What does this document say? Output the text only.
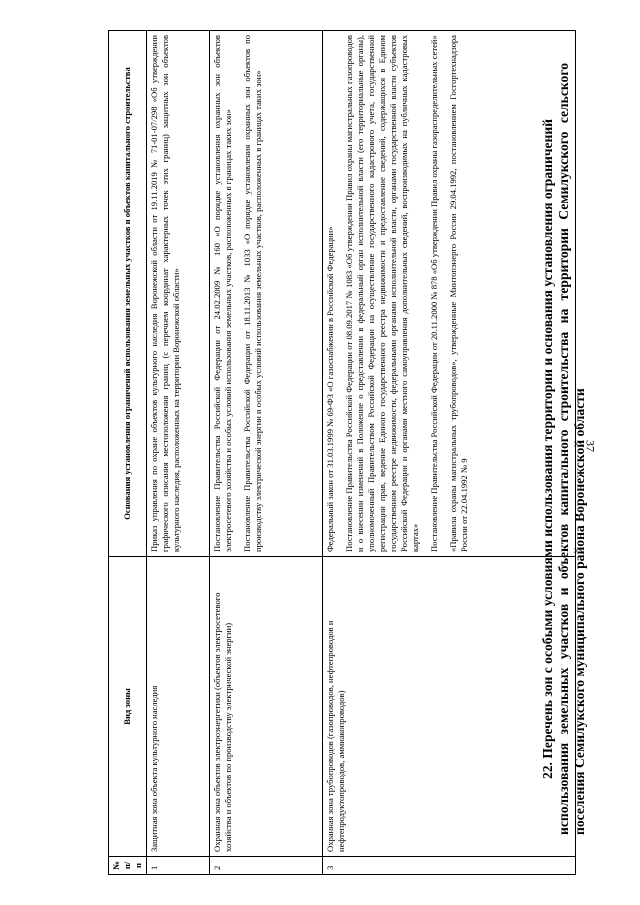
37
22. Перечень зон с особыми условиями использования территории и основания установления ограничений использования земельных участков и объектов капитального строительства на территории Семилукского сельского поселения Семилукского муниципального района Воронежской области
№ п/п	Вид зоны	Основания установления ограничений использования земельных участков и объектов капитального строительства
1	Защитная зона объекта культурного наследия	Приказ управления по охране объектов культурного наследия Воронежской области от 19.11.2019 № 71-01-07/298 «Об утверждении графического описания местоположения границ (с перечнем координат характерных точек этих границ) защитных зон объектов культурного наследия, расположенных на территории Воронежской области»

2	Охранная зона объектов электроэнергетики (объектов электросетевого хозяйства и объектов по производству электрической энергии)	Постановление Правительства Российской Федерации от 24.02.2009 № 160 «О порядке установления охранных зон объектов электросетевого хозяйства и особых условий использования земельных участков, расположенных в границах таких зон» Постановление Правительства Российской Федерации от 18.11.2013 № 1033 «О порядке установления охранных зон объектов по производству электрической энергии и особых условий использования земельных участков, расположенных в границах таких зон»

3	Охранная зона трубопроводов (газопроводов, нефтепроводов и нефтепродуктопроводов, аммиакопроводов)	Федеральный закон от 31.03.1999 № 69-ФЗ «О газоснабжении в Российской Федерации» Постановление Правительства Российской Федерации от 08.09.2017 № 1083 «Об утверждении Правил охраны магистральных газопроводов и о внесении изменений в Положение о представлении в федеральный орган исполнительной власти (его территориальные органы), уполномоченный Правительством Российской Федерации на осуществление государственного кадастрового учета, государственной регистрации прав, ведение Единого государственного реестра недвижимости и предоставление сведений, содержащихся в Едином государственном реестре недвижимости, федеральными органами исполнительной власти, органами государственной власти субъектов Российской Федерации и органами местного самоуправления дополнительных сведений, воспроизводимых на публичных кадастровых картах» Постановление Правительства Российской Федерации от 20.11.2000 № 878 «Об утверждении Правил охраны газораспределительных сетей» «Правила охраны магистральных трубопроводов», утвержденные Минтопэнерго России 29.04.1992, постановлением Госгортехнадзора России от 22.04.1992 № 9
